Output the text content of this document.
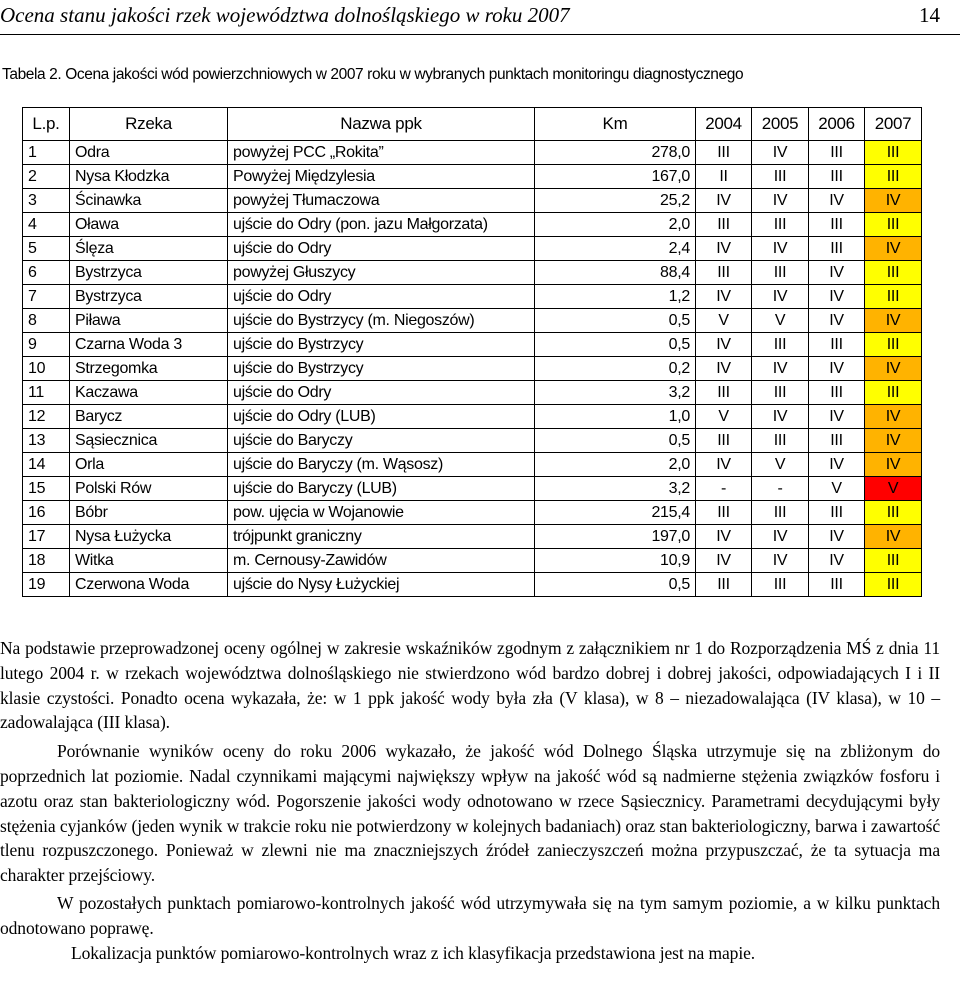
Ocena stanu jakości rzek województwa dolnośląskiego w roku 2007	14
Tabela 2. Ocena jakości wód powierzchniowych w 2007 roku w wybranych punktach monitoringu diagnostycznego
L.p.	Rzeka	Nazwa ppk	Km	2004	2005	2006	2007
1	Odra	powyżej PCC „Rokita”	278,0	III	IV	III	III
2	Nysa Kłodzka	Powyżej Międzylesia	167,0	II	III	III	III
3	Ścinawka	powyżej Tłumaczowa	25,2	IV	IV	IV	IV
4	Oława	ujście do Odry (pon. jazu Małgorzata)	2,0	III	III	III	III
5	Ślęza	ujście do Odry	2,4	IV	IV	III	IV
6	Bystrzyca	powyżej Głuszycy	88,4	III	III	IV	III
7	Bystrzyca	ujście do Odry	1,2	IV	IV	IV	III
8	Piława	ujście do Bystrzycy (m. Niegoszów)	0,5	V	V	IV	IV
9	Czarna Woda 3	ujście do Bystrzycy	0,5	IV	III	III	III
10	Strzegomka	ujście do Bystrzycy	0,2	IV	IV	IV	IV
11	Kaczawa	ujście do Odry	3,2	III	III	III	III
12	Barycz	ujście do Odry (LUB)	1,0	V	IV	IV	IV
13	Sąsiecznica	ujście do Baryczy	0,5	III	III	III	IV
14	Orla	ujście do Baryczy (m. Wąsosz)	2,0	IV	V	IV	IV
15	Polski Rów	ujście do Baryczy (LUB)	3,2	-	-	V	V
16	Bóbr	pow. ujęcia w Wojanowie	215,4	III	III	III	III
17	Nysa Łużycka	trójpunkt graniczny	197,0	IV	IV	IV	IV
18	Witka	m. Cernousy-Zawidów	10,9	IV	IV	IV	III
19	Czerwona Woda	ujście do Nysy Łużyckiej	0,5	III	III	III	III

Na podstawie przeprowadzonej oceny ogólnej w zakresie wskaźników zgodnym z załącznikiem nr 1 do Rozporządzenia MŚ z dnia 11 lutego 2004 r. w rzekach województwa dolnośląskiego nie stwierdzono wód bardzo dobrej i dobrej jakości, odpowiadających I i II klasie czystości. Ponadto ocena wykazała, że: w 1 ppk jakość wody była zła (V klasa), w 8 – niezadowalająca (IV klasa), w 10 – zadowalająca (III klasa).

Porównanie wyników oceny do roku 2006 wykazało, że jakość wód Dolnego Śląska utrzymuje się na zbliżonym do poprzednich lat poziomie. Nadal czynnikami mającymi największy wpływ na jakość wód są nadmierne stężenia związków fosforu i azotu oraz stan bakteriologiczny wód. Pogorszenie jakości wody odnotowano w rzece Sąsiecznicy. Parametrami decydującymi były stężenia cyjanków (jeden wynik w trakcie roku nie potwierdzony w kolejnych badaniach) oraz stan bakteriologiczny, barwa i zawartość tlenu rozpuszczonego. Ponieważ w zlewni nie ma znaczniejszych źródeł zanieczyszczeń można przypuszczać, że ta sytuacja ma charakter przejściowy.

W pozostałych punktach pomiarowo-kontrolnych jakość wód utrzymywała się na tym samym poziomie, a w kilku punktach odnotowano poprawę.

Lokalizacja punktów pomiarowo-kontrolnych wraz z ich klasyfikacja przedstawiona jest na mapie.
